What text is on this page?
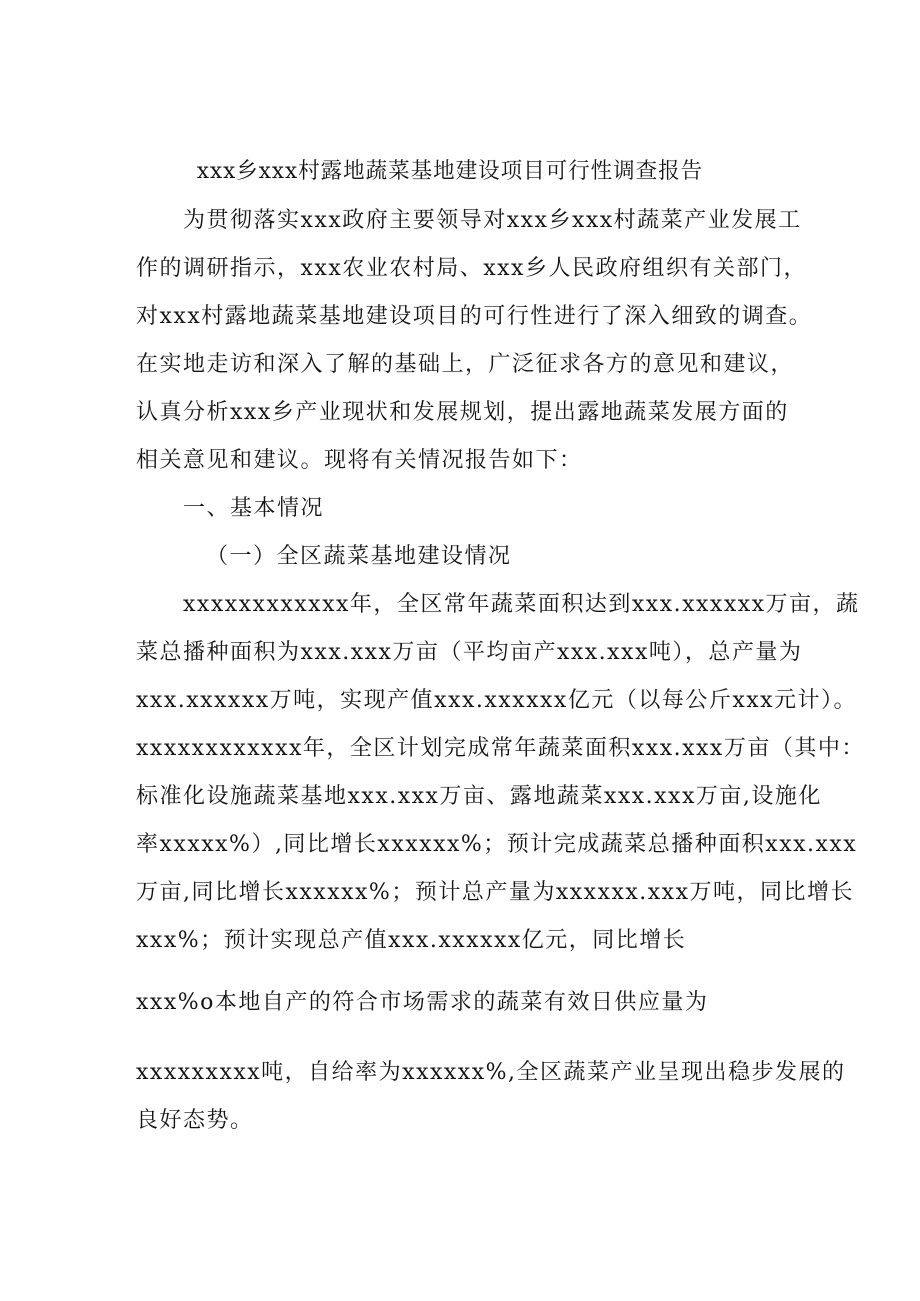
xxx乡xxx村露地蔬菜基地建设项目可行性调查报告
为贯彻落实xxx政府主要领导对xxx乡xxx村蔬菜产业发展工
作的调研指示，xxx农业农村局、xxx乡人民政府组织有关部门，
对xxx村露地蔬菜基地建设项目的可行性进行了深入细致的调查。
在实地走访和深入了解的基础上，广泛征求各方的意见和建议，
认真分析xxx乡产业现状和发展规划，提出露地蔬菜发展方面的
相关意见和建议。现将有关情况报告如下：
一、基本情况
（一）全区蔬菜基地建设情况
xxxxxxxxxxxx年，全区常年蔬菜面积达到xxx.xxxxxx万亩，蔬
菜总播种面积为xxx.xxx万亩（平均亩产xxx.xxx吨），总产量为
xxx.xxxxxx万吨，实现产值xxx.xxxxxx亿元（以每公斤xxx元计）。
xxxxxxxxxxxx年，全区计划完成常年蔬菜面积xxx.xxx万亩（其中：
标准化设施蔬菜基地xxx.xxx万亩、露地蔬菜xxx.xxx万亩,设施化
率xxxxx%）,同比增长xxxxxx%；预计完成蔬菜总播种面积xxx.xxx
万亩,同比增长xxxxxx%；预计总产量为xxxxxx.xxx万吨，同比增长
xxx%；预计实现总产值xxx.xxxxxx亿元，同比增长
xxx%o本地自产的符合市场需求的蔬菜有效日供应量为
xxxxxxxxx吨，自给率为xxxxxx%,全区蔬菜产业呈现出稳步发展的
良好态势。
